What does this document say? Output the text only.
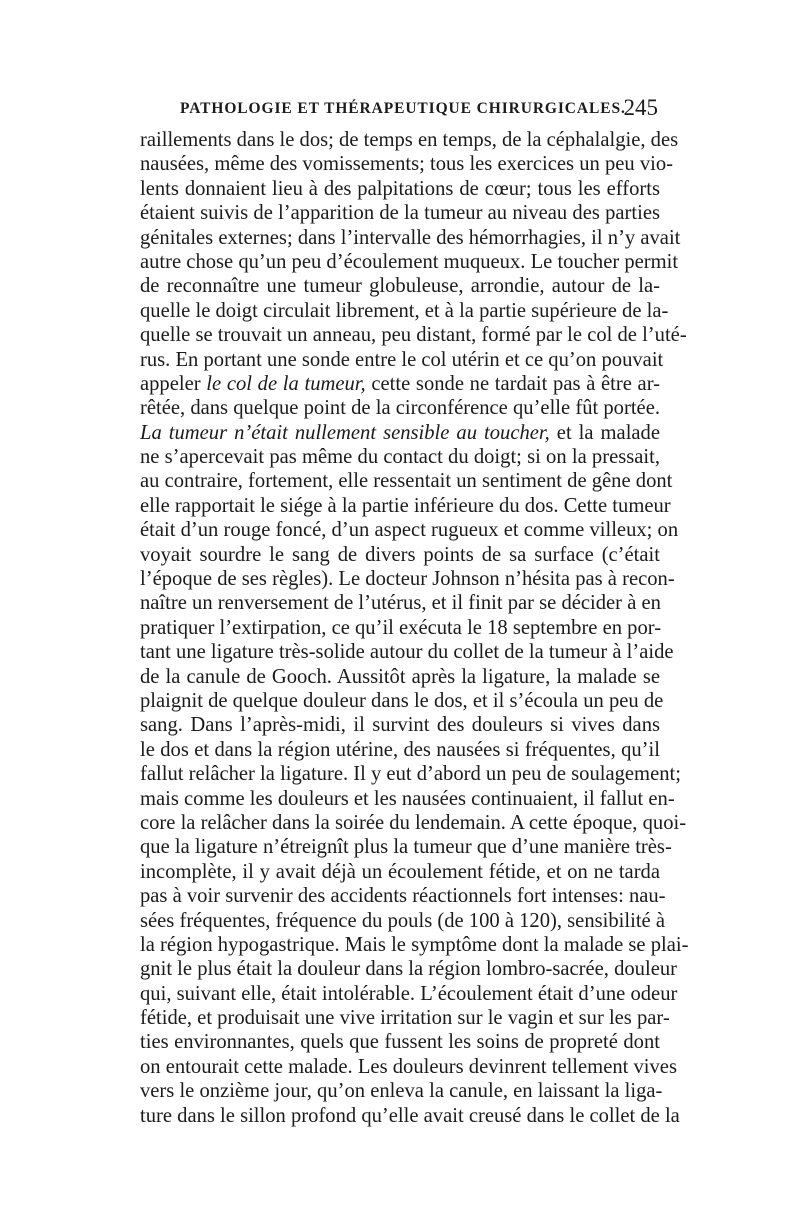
PATHOLOGIE ET THÉRAPEUTIQUE CHIRURGICALES.
245
raillements dans le dos; de temps en temps, de la céphalalgie, des
nausées, même des vomissements; tous les exercices un peu vio-
lents donnaient lieu à des palpitations de cœur; tous les efforts
étaient suivis de l’apparition de la tumeur au niveau des parties
génitales externes; dans l’intervalle des hémorrhagies, il n’y avait
autre chose qu’un peu d’écoulement muqueux. Le toucher permit
de reconnaître une tumeur globuleuse, arrondie, autour de la-
quelle le doigt circulait librement, et à la partie supérieure de la-
quelle se trouvait un anneau, peu distant, formé par le col de l’uté-
rus. En portant une sonde entre le col utérin et ce qu’on pouvait
appeler le col de la tumeur, cette sonde ne tardait pas à être ar-
rêtée, dans quelque point de la circonférence qu’elle fût portée.
La tumeur n’était nullement sensible au toucher, et la malade
ne s’apercevait pas même du contact du doigt; si on la pressait,
au contraire, fortement, elle ressentait un sentiment de gêne dont
elle rapportait le siége à la partie inférieure du dos. Cette tumeur
était d’un rouge foncé, d’un aspect rugueux et comme villeux; on
voyait sourdre le sang de divers points de sa surface (c’était
l’époque de ses règles). Le docteur Johnson n’hésita pas à recon-
naître un renversement de l’utérus, et il finit par se décider à en
pratiquer l’extirpation, ce qu’il exécuta le 18 septembre en por-
tant une ligature très-solide autour du collet de la tumeur à l’aide
de la canule de Gooch. Aussitôt après la ligature, la malade se
plaignit de quelque douleur dans le dos, et il s’écoula un peu de
sang. Dans l’après-midi, il survint des douleurs si vives dans
le dos et dans la région utérine, des nausées si fréquentes, qu’il
fallut relâcher la ligature. Il y eut d’abord un peu de soulagement;
mais comme les douleurs et les nausées continuaient, il fallut en-
core la relâcher dans la soirée du lendemain. A cette époque, quoi-
que la ligature n’étreignît plus la tumeur que d’une manière très-
incomplète, il y avait déjà un écoulement fétide, et on ne tarda
pas à voir survenir des accidents réactionnels fort intenses: nau-
sées fréquentes, fréquence du pouls (de 100 à 120), sensibilité à
la région hypogastrique. Mais le symptôme dont la malade se plai-
gnit le plus était la douleur dans la région lombro-sacrée, douleur
qui, suivant elle, était intolérable. L’écoulement était d’une odeur
fétide, et produisait une vive irritation sur le vagin et sur les par-
ties environnantes, quels que fussent les soins de propreté dont
on entourait cette malade. Les douleurs devinrent tellement vives
vers le onzième jour, qu’on enleva la canule, en laissant la liga-
ture dans le sillon profond qu’elle avait creusé dans le collet de la
